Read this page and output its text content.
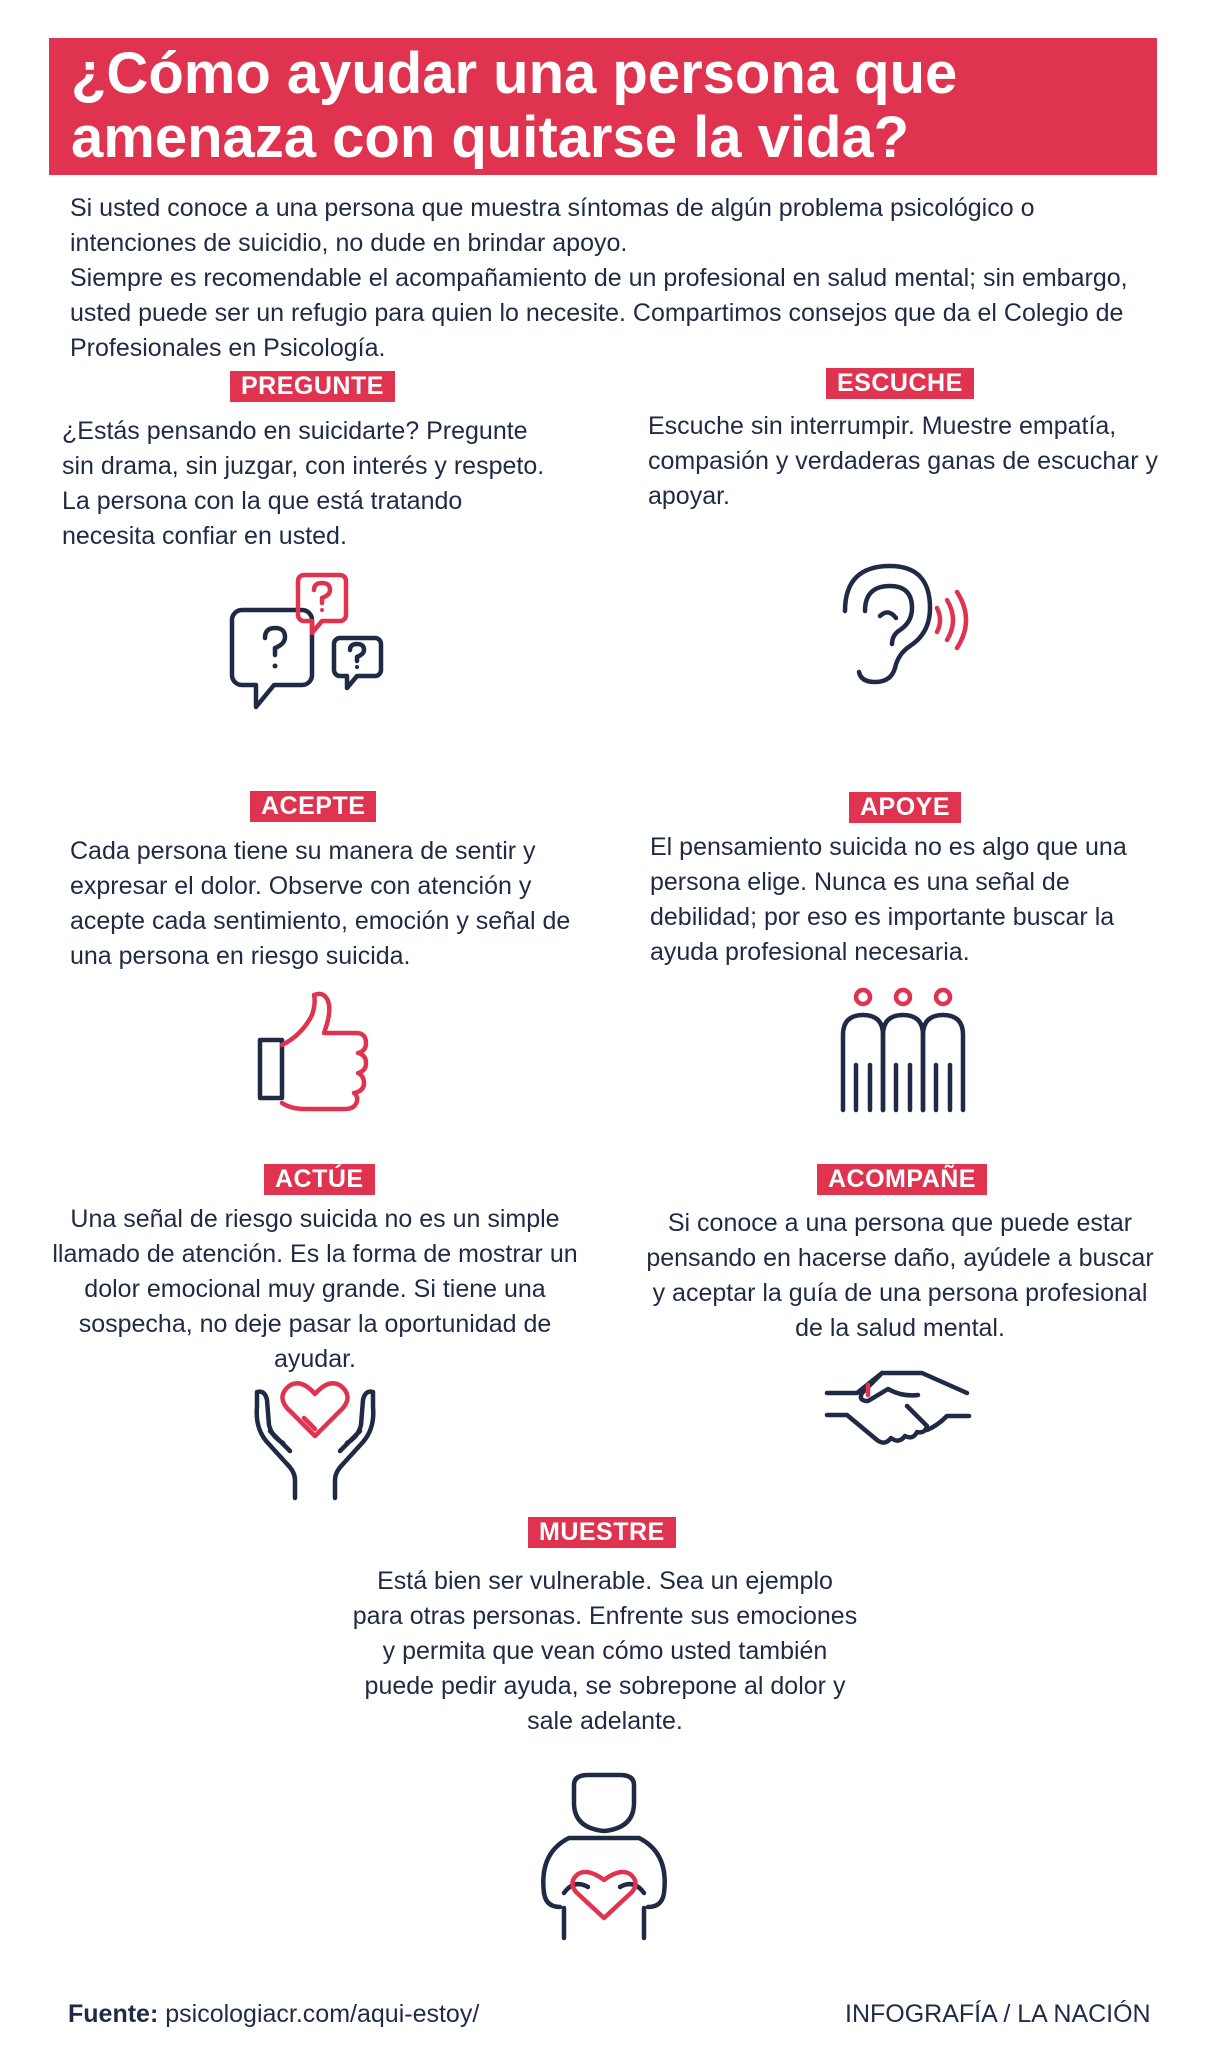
¿Cómo ayudar una persona que
amenaza con quitarse la vida?

Si usted conoce a una persona que muestra síntomas de algún problema psicológico o intenciones de suicidio, no dude en brindar apoyo.

Siempre es recomendable el acompañamiento de un profesional en salud mental; sin embargo, usted puede ser un refugio para quien lo necesite. Compartimos consejos que da el Colegio de Profesionales en Psicología.

PREGUNTE
¿Estás pensando en suicidarte? Pregunte sin drama, sin juzgar, con interés y respeto. La persona con la que está tratando necesita confiar en usted.
ESCUCHE
Escuche sin interrumpir. Muestre empatía, compasión y verdaderas ganas de escuchar y apoyar.
ACEPTE
Cada persona tiene su manera de sentir y expresar el dolor. Observe con atención y acepte cada sentimiento, emoción y señal de una persona en riesgo suicida.
APOYE
El pensamiento suicida no es algo que una persona elige. Nunca es una señal de debilidad; por eso es importante buscar la ayuda profesional necesaria.
ACTÚE
Una señal de riesgo suicida no es un simple llamado de atención. Es la forma de mostrar un dolor emocional muy grande. Si tiene una sospecha, no deje pasar la oportunidad de ayudar.
ACOMPAÑE
Si conoce a una persona que puede estar pensando en hacerse daño, ayúdele a buscar y aceptar la guía de una persona profesional de la salud mental.
MUESTRE
Está bien ser vulnerable. Sea un ejemplo para otras personas. Enfrente sus emociones y permita que vean cómo usted también puede pedir ayuda, se sobrepone al dolor y sale adelante.
Fuente: psicologiacr.com/aqui-estoy/	INFOGRAFÍA / LA NACIÓN
